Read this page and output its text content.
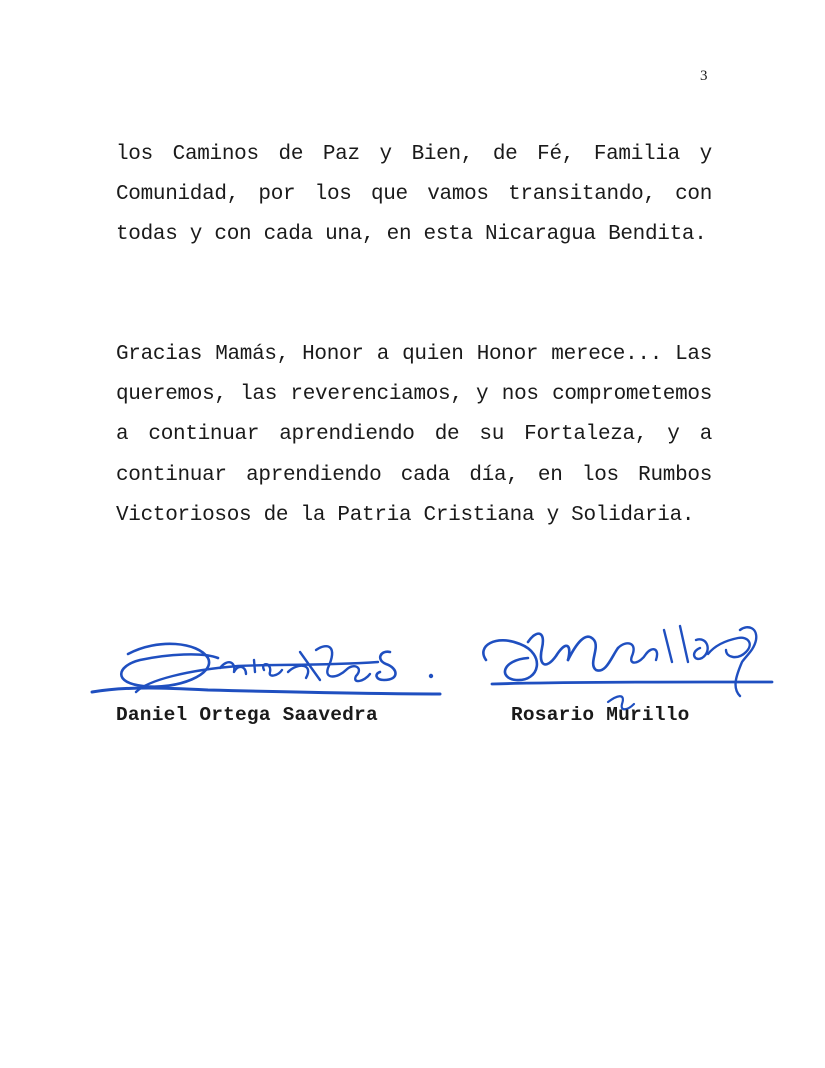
3

los Caminos de Paz y Bien, de Fé, Familia y Comunidad, por los que vamos transitando, con todas y con cada una, en esta Nicaragua Bendita.

Gracias Mamás, Honor a quien Honor merece... Las queremos, las reverenciamos, y nos comprometemos a continuar aprendiendo de su Fortaleza, y a continuar aprendiendo cada día, en los Rumbos Victoriosos de la Patria Cristiana y Solidaria.

Daniel Ortega Saavedra	Rosario Murillo
